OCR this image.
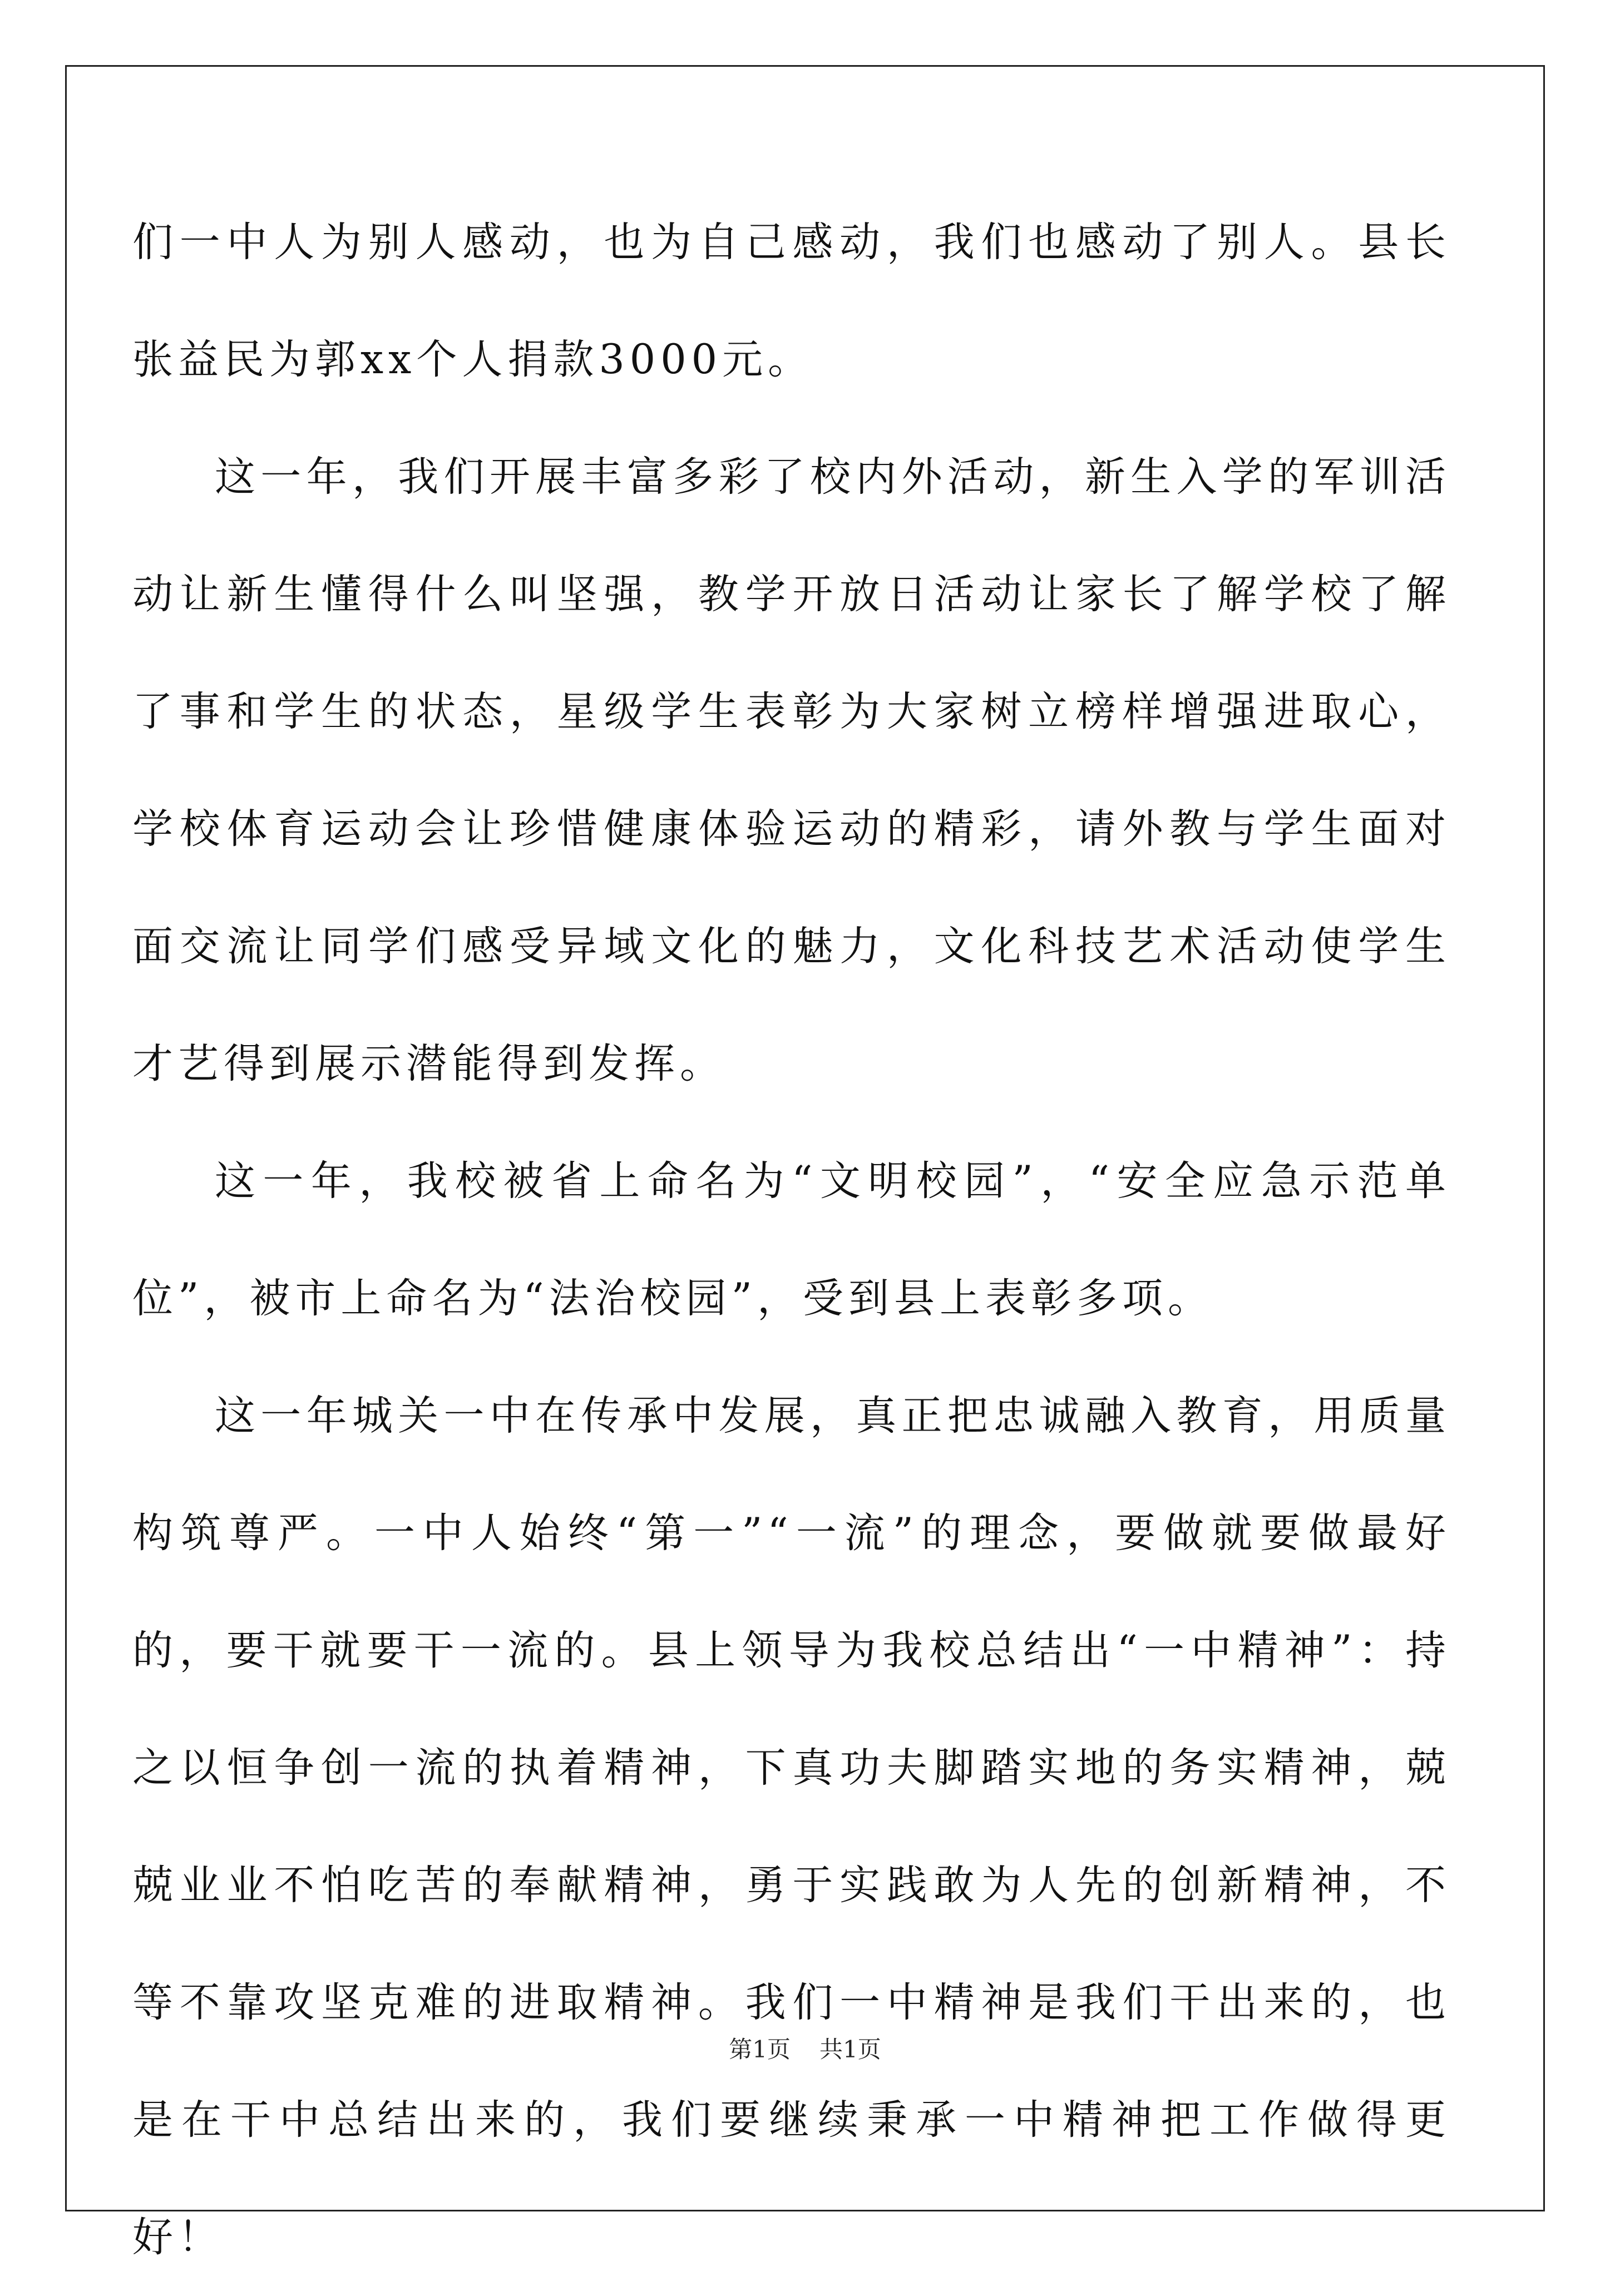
们一中人为别人感动，也为自己感动，我们也感动了别人。县长张益民为郭xx个人捐款3000元。

这一年，我们开展丰富多彩了校内外活动，新生入学的军训活动让新生懂得什么叫坚强，教学开放日活动让家长了解学校了解了事和学生的状态，星级学生表彰为大家树立榜样增强进取心，学校体育运动会让珍惜健康体验运动的精彩，请外教与学生面对面交流让同学们感受异域文化的魅力，文化科技艺术活动使学生才艺得到展示潜能得到发挥。

这一年，我校被省上命名为“文明校园”，“安全应急示范单位”，被市上命名为“法治校园”，受到县上表彰多项。

这一年城关一中在传承中发展，真正把忠诚融入教育，用质量构筑尊严。一中人始终“第一”“一流”的理念，要做就要做最好的，要干就要干一流的。县上领导为我校总结出“一中精神”：持之以恒争创一流的执着精神，下真功夫脚踏实地的务实精神，兢兢业业不怕吃苦的奉献精神，勇于实践敢为人先的创新精神，不等不靠攻坚克难的进取精神。我们一中精神是我们干出来的，也是在干中总结出来的，我们要继续秉承一中精神把工作做得更好！

第1页 共1页
